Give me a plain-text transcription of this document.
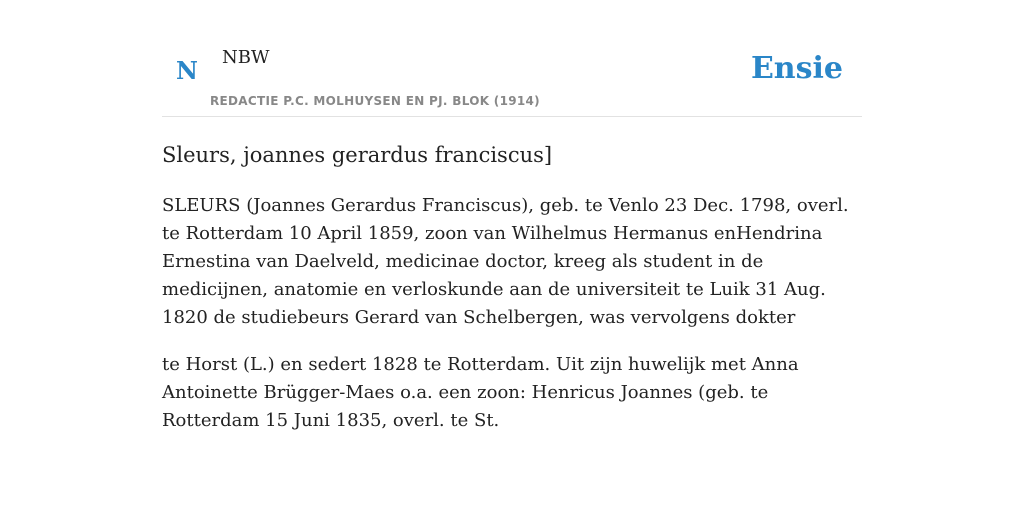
N NBW
REDACTIE P.C. MOLHUYSEN EN PJ. BLOK (1914)
Ensie
Sleurs, joannes gerardus franciscus]

SLEURS (Joannes Gerardus Franciscus), geb. te Venlo 23 Dec. 1798, overl. te Rotterdam 10 April 1859, zoon van Wilhelmus Hermanus enHendrina Ernestina van Daelveld, medicinae doctor, kreeg als student in de medicijnen, anatomie en verloskunde aan de universiteit te Luik 31 Aug. 1820 de studiebeurs Gerard van Schelbergen, was vervolgens dokter

te Horst (L.) en sedert 1828 te Rotterdam. Uit zijn huwelijk met Anna Antoinette Brügger-Maes o.a. een zoon: Henricus Joannes (geb. te Rotterdam 15 Juni 1835, overl. te St.
